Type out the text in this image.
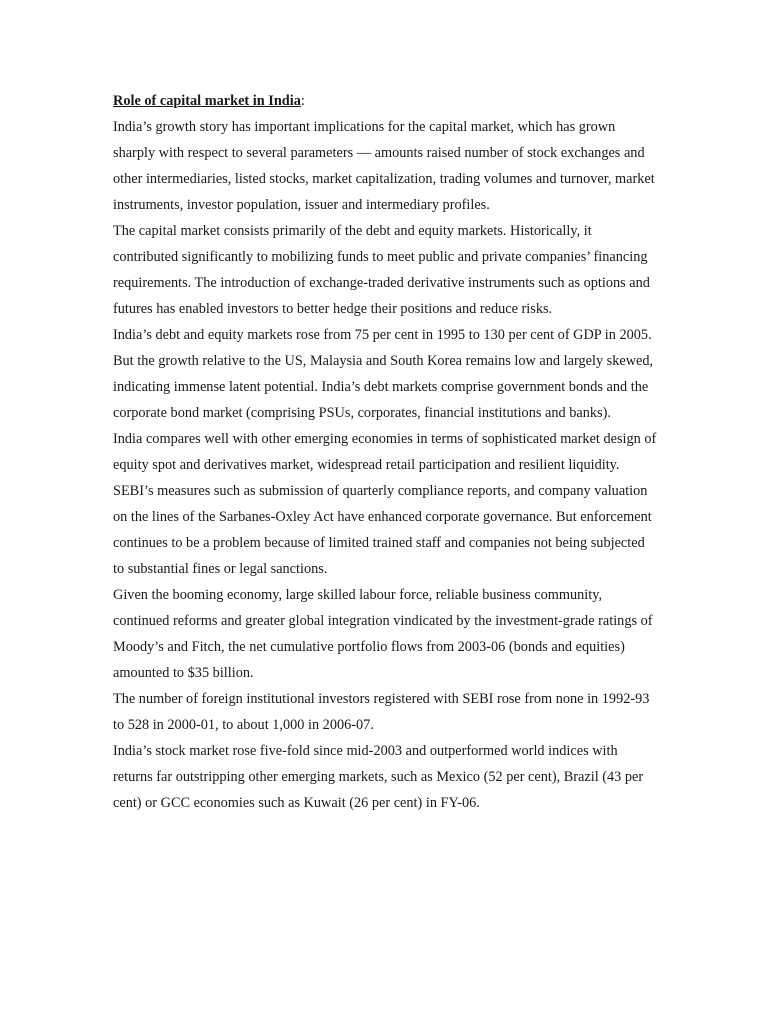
Role of capital market in India:

India’s growth story has important implications for the capital market, which has grown sharply with respect to several parameters — amounts raised number of stock exchanges and other intermediaries, listed stocks, market capitalization, trading volumes and turnover, market instruments, investor population, issuer and intermediary profiles.

The capital market consists primarily of the debt and equity markets. Historically, it contributed significantly to mobilizing funds to meet public and private companies’ financing requirements. The introduction of exchange-traded derivative instruments such as options and futures has enabled investors to better hedge their positions and reduce risks.

India’s debt and equity markets rose from 75 per cent in 1995 to 130 per cent of GDP in 2005. But the growth relative to the US, Malaysia and South Korea remains low and largely skewed, indicating immense latent potential. India’s debt markets comprise government bonds and the corporate bond market (comprising PSUs, corporates, financial institutions and banks).

India compares well with other emerging economies in terms of sophisticated market design of equity spot and derivatives market, widespread retail participation and resilient liquidity.

SEBI’s measures such as submission of quarterly compliance reports, and company valuation on the lines of the Sarbanes-Oxley Act have enhanced corporate governance. But enforcement continues to be a problem because of limited trained staff and companies not being subjected to substantial fines or legal sanctions.

Given the booming economy, large skilled labour force, reliable business community, continued reforms and greater global integration vindicated by the investment-grade ratings of Moody’s and Fitch, the net cumulative portfolio flows from 2003-06 (bonds and equities) amounted to $35 billion.

The number of foreign institutional investors registered with SEBI rose from none in 1992-93 to 528 in 2000-01, to about 1,000 in 2006-07.

India’s stock market rose five-fold since mid-2003 and outperformed world indices with returns far outstripping other emerging markets, such as Mexico (52 per cent), Brazil (43 per cent) or GCC economies such as Kuwait (26 per cent) in FY-06.
